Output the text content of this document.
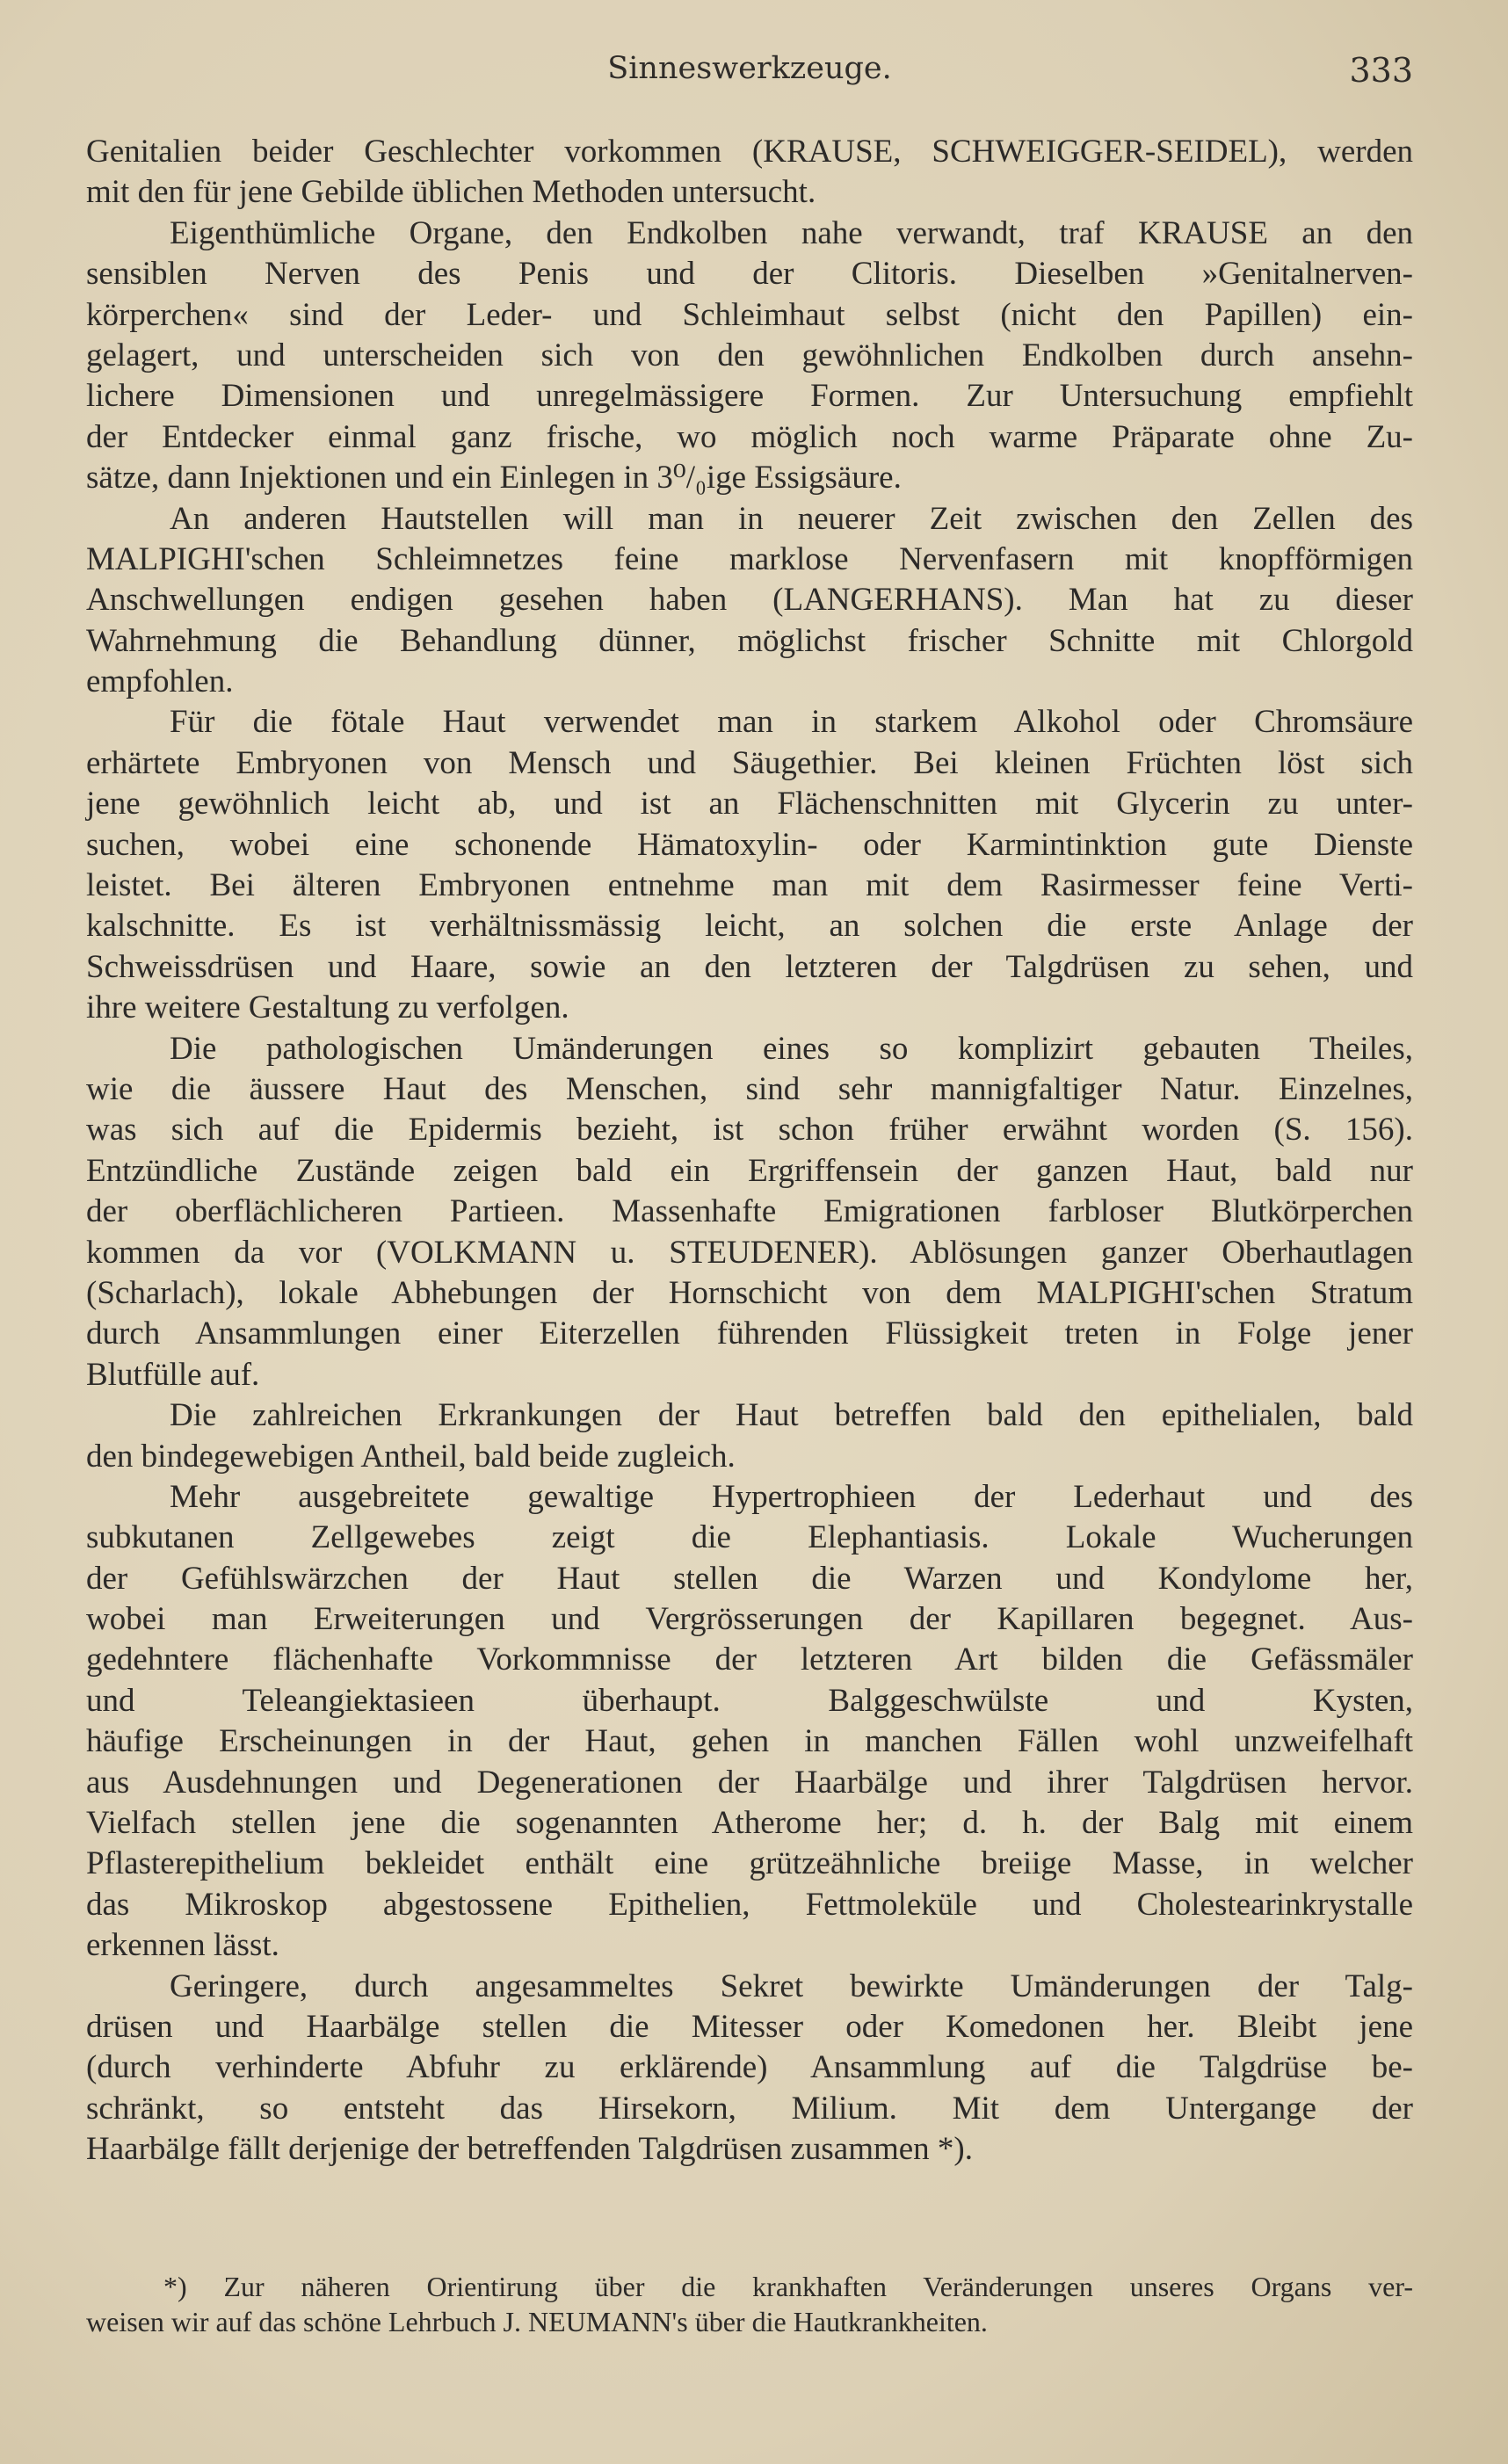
Sinneswerkzeuge.	333
Genitalien beider Geschlechter vorkommen (KRAUSE, SCHWEIGGER-SEIDEL), werden
mit den für jene Gebilde üblichen Methoden untersucht.
Eigenthümliche Organe, den Endkolben nahe verwandt, traf KRAUSE an den
sensiblen Nerven des Penis und der Clitoris. Dieselben »Genitalnerven-
körperchen« sind der Leder- und Schleimhaut selbst (nicht den Papillen) ein-
gelagert, und unterscheiden sich von den gewöhnlichen Endkolben durch ansehn-
lichere Dimensionen und unregelmässigere Formen. Zur Untersuchung empfiehlt
der Entdecker einmal ganz frische, wo möglich noch warme Präparate ohne Zu-
sätze, dann Injektionen und ein Einlegen in 3⁰/₀ige Essigsäure.
An anderen Hautstellen will man in neuerer Zeit zwischen den Zellen des
MALPIGHI'schen Schleimnetzes feine marklose Nervenfasern mit knopfförmigen
Anschwellungen endigen gesehen haben (LANGERHANS). Man hat zu dieser
Wahrnehmung die Behandlung dünner, möglichst frischer Schnitte mit Chlorgold
empfohlen.
Für die fötale Haut verwendet man in starkem Alkohol oder Chromsäure
erhärtete Embryonen von Mensch und Säugethier. Bei kleinen Früchten löst sich
jene gewöhnlich leicht ab, und ist an Flächenschnitten mit Glycerin zu unter-
suchen, wobei eine schonende Hämatoxylin- oder Karmintinktion gute Dienste
leistet. Bei älteren Embryonen entnehme man mit dem Rasirmesser feine Verti-
kalschnitte. Es ist verhältnissmässig leicht, an solchen die erste Anlage der
Schweissdrüsen und Haare, sowie an den letzteren der Talgdrüsen zu sehen, und
ihre weitere Gestaltung zu verfolgen.
Die pathologischen Umänderungen eines so komplizirt gebauten Theiles,
wie die äussere Haut des Menschen, sind sehr mannigfaltiger Natur. Einzelnes,
was sich auf die Epidermis bezieht, ist schon früher erwähnt worden (S. 156).
Entzündliche Zustände zeigen bald ein Ergriffensein der ganzen Haut, bald nur
der oberflächlicheren Partieen. Massenhafte Emigrationen farbloser Blutkörperchen
kommen da vor (VOLKMANN u. STEUDENER). Ablösungen ganzer Oberhautlagen
(Scharlach), lokale Abhebungen der Hornschicht von dem MALPIGHI'schen Stratum
durch Ansammlungen einer Eiterzellen führenden Flüssigkeit treten in Folge jener
Blutfülle auf.
Die zahlreichen Erkrankungen der Haut betreffen bald den epithelialen, bald
den bindegewebigen Antheil, bald beide zugleich.
Mehr ausgebreitete gewaltige Hypertrophieen der Lederhaut und des
subkutanen Zellgewebes zeigt die Elephantiasis. Lokale Wucherungen
der Gefühlswärzchen der Haut stellen die Warzen und Kondylome her,
wobei man Erweiterungen und Vergrösserungen der Kapillaren begegnet. Aus-
gedehntere flächenhafte Vorkommnisse der letzteren Art bilden die Gefässmäler
und Teleangiektasieen überhaupt. Balggeschwülste und Kysten,
häufige Erscheinungen in der Haut, gehen in manchen Fällen wohl unzweifelhaft
aus Ausdehnungen und Degenerationen der Haarbälge und ihrer Talgdrüsen hervor.
Vielfach stellen jene die sogenannten Atherome her; d. h. der Balg mit einem
Pflasterepithelium bekleidet enthält eine grützeähnliche breiige Masse, in welcher
das Mikroskop abgestossene Epithelien, Fettmoleküle und Cholestearinkrystalle
erkennen lässt.
Geringere, durch angesammeltes Sekret bewirkte Umänderungen der Talg-
drüsen und Haarbälge stellen die Mitesser oder Komedonen her. Bleibt jene
(durch verhinderte Abfuhr zu erklärende) Ansammlung auf die Talgdrüse be-
schränkt, so entsteht das Hirsekorn, Milium. Mit dem Untergange der
Haarbälge fällt derjenige der betreffenden Talgdrüsen zusammen *).
*) Zur näheren Orientirung über die krankhaften Veränderungen unseres Organs ver-
weisen wir auf das schöne Lehrbuch J. NEUMANN's über die Hautkrankheiten.
